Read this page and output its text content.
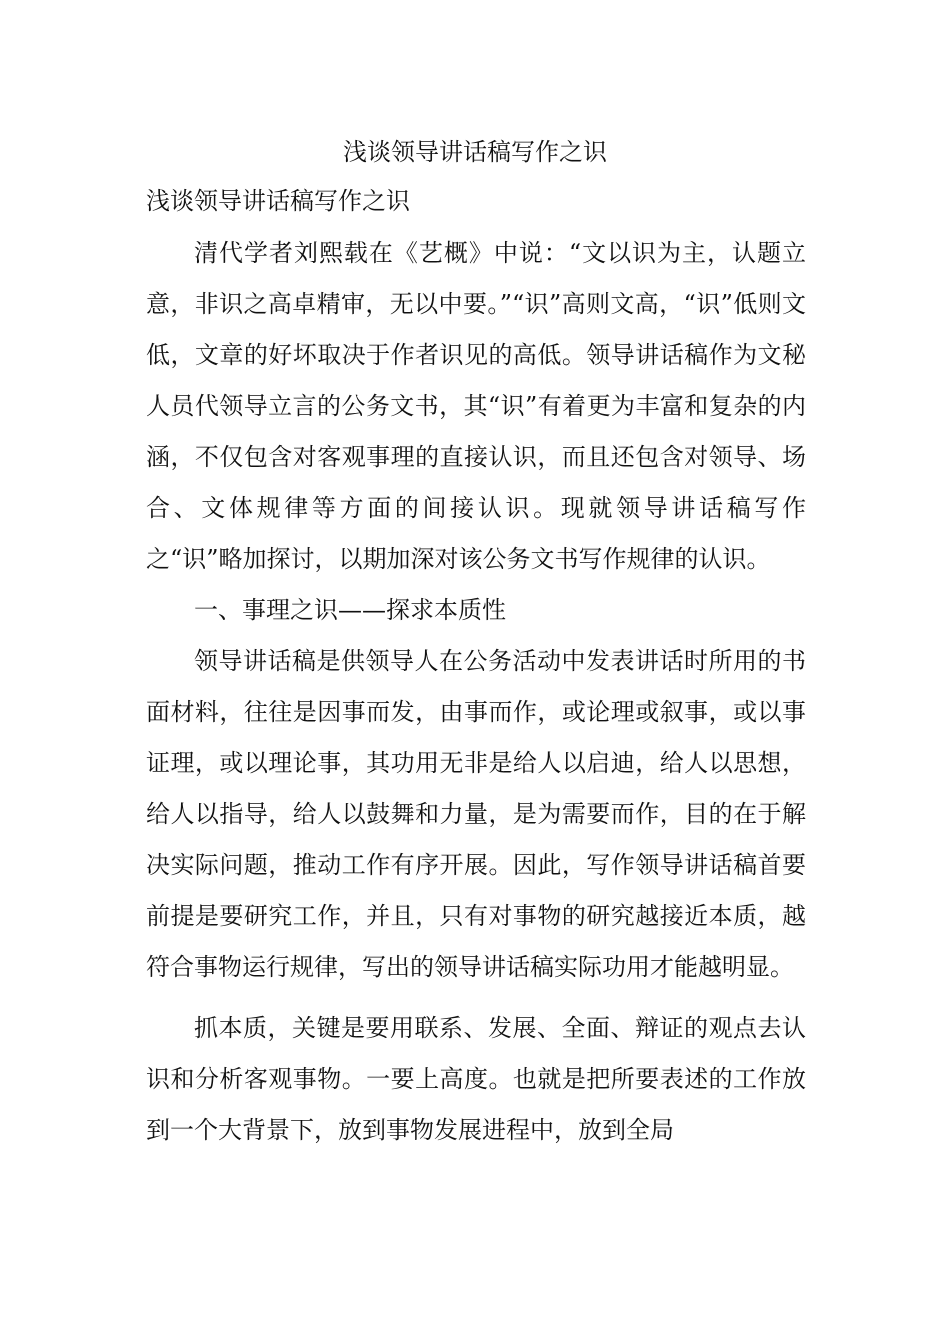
浅谈领导讲话稿写作之识
浅谈领导讲话稿写作之识

清代学者刘熙载在《艺概》中说：“文以识为主，认题立意，非识之高卓精审，无以中要。”“识”高则文高，“识”低则文低，文章的好坏取决于作者识见的高低。领导讲话稿作为文秘人员代领导立言的公务文书，其“识”有着更为丰富和复杂的内涵，不仅包含对客观事理的直接认识，而且还包含对领导、场合、文体规律等方面的间接认识。现就领导讲话稿写作之“识”略加探讨，以期加深对该公务文书写作规律的认识。

一、事理之识——探求本质性

领导讲话稿是供领导人在公务活动中发表讲话时所用的书面材料，往往是因事而发，由事而作，或论理或叙事，或以事证理，或以理论事，其功用无非是给人以启迪，给人以思想，给人以指导，给人以鼓舞和力量，是为需要而作，目的在于解决实际问题，推动工作有序开展。因此，写作领导讲话稿首要前提是要研究工作，并且，只有对事物的研究越接近本质，越符合事物运行规律，写出的领导讲话稿实际功用才能越明显。

抓本质，关键是要用联系、发展、全面、辩证的观点去认识和分析客观事物。一要上高度。也就是把所要表述的工作放到一个大背景下，放到事物发展进程中，放到全局
